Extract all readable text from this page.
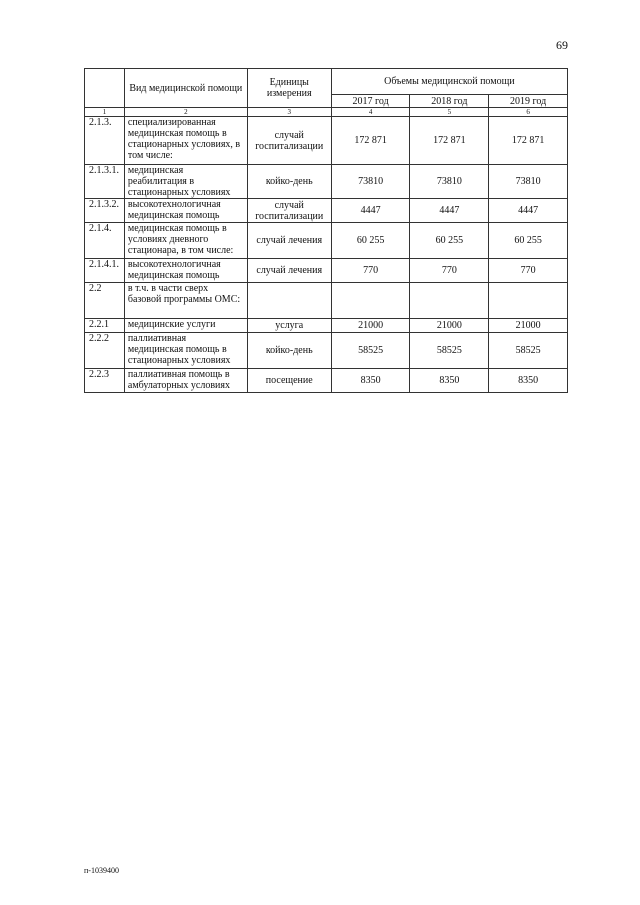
69
	Вид медицинской помощи	Единицы измерения	Объемы медицинской помощи		
			2017 год	2018 год	2019 год
1	2	3	4	5	6
2.1.3.	специализированная медицинская помощь в стационарных условиях, в том числе:	случай госпитализации	172 871	172 871	172 871
2.1.3.1.	медицинская реабилитация в стационарных условиях	койко-день	73810	73810	73810
2.1.3.2.	высокотехнологичная медицинская помощь	случай госпитализации	4447	4447	4447
2.1.4.	медицинская помощь в условиях дневного стационара, в том числе:	случай лечения	60 255	60 255	60 255
2.1.4.1.	высокотехнологичная медицинская помощь	случай лечения	770	770	770
2.2	в т.ч. в части сверх базовой программы ОМС:				
2.2.1	медицинские услуги	услуга	21000	21000	21000
2.2.2	паллиативная медицинская помощь в стационарных условиях	койко-день	58525	58525	58525
2.2.3	паллиативная помощь в амбулаторных условиях	посещение	8350	8350	8350
п-1039400
